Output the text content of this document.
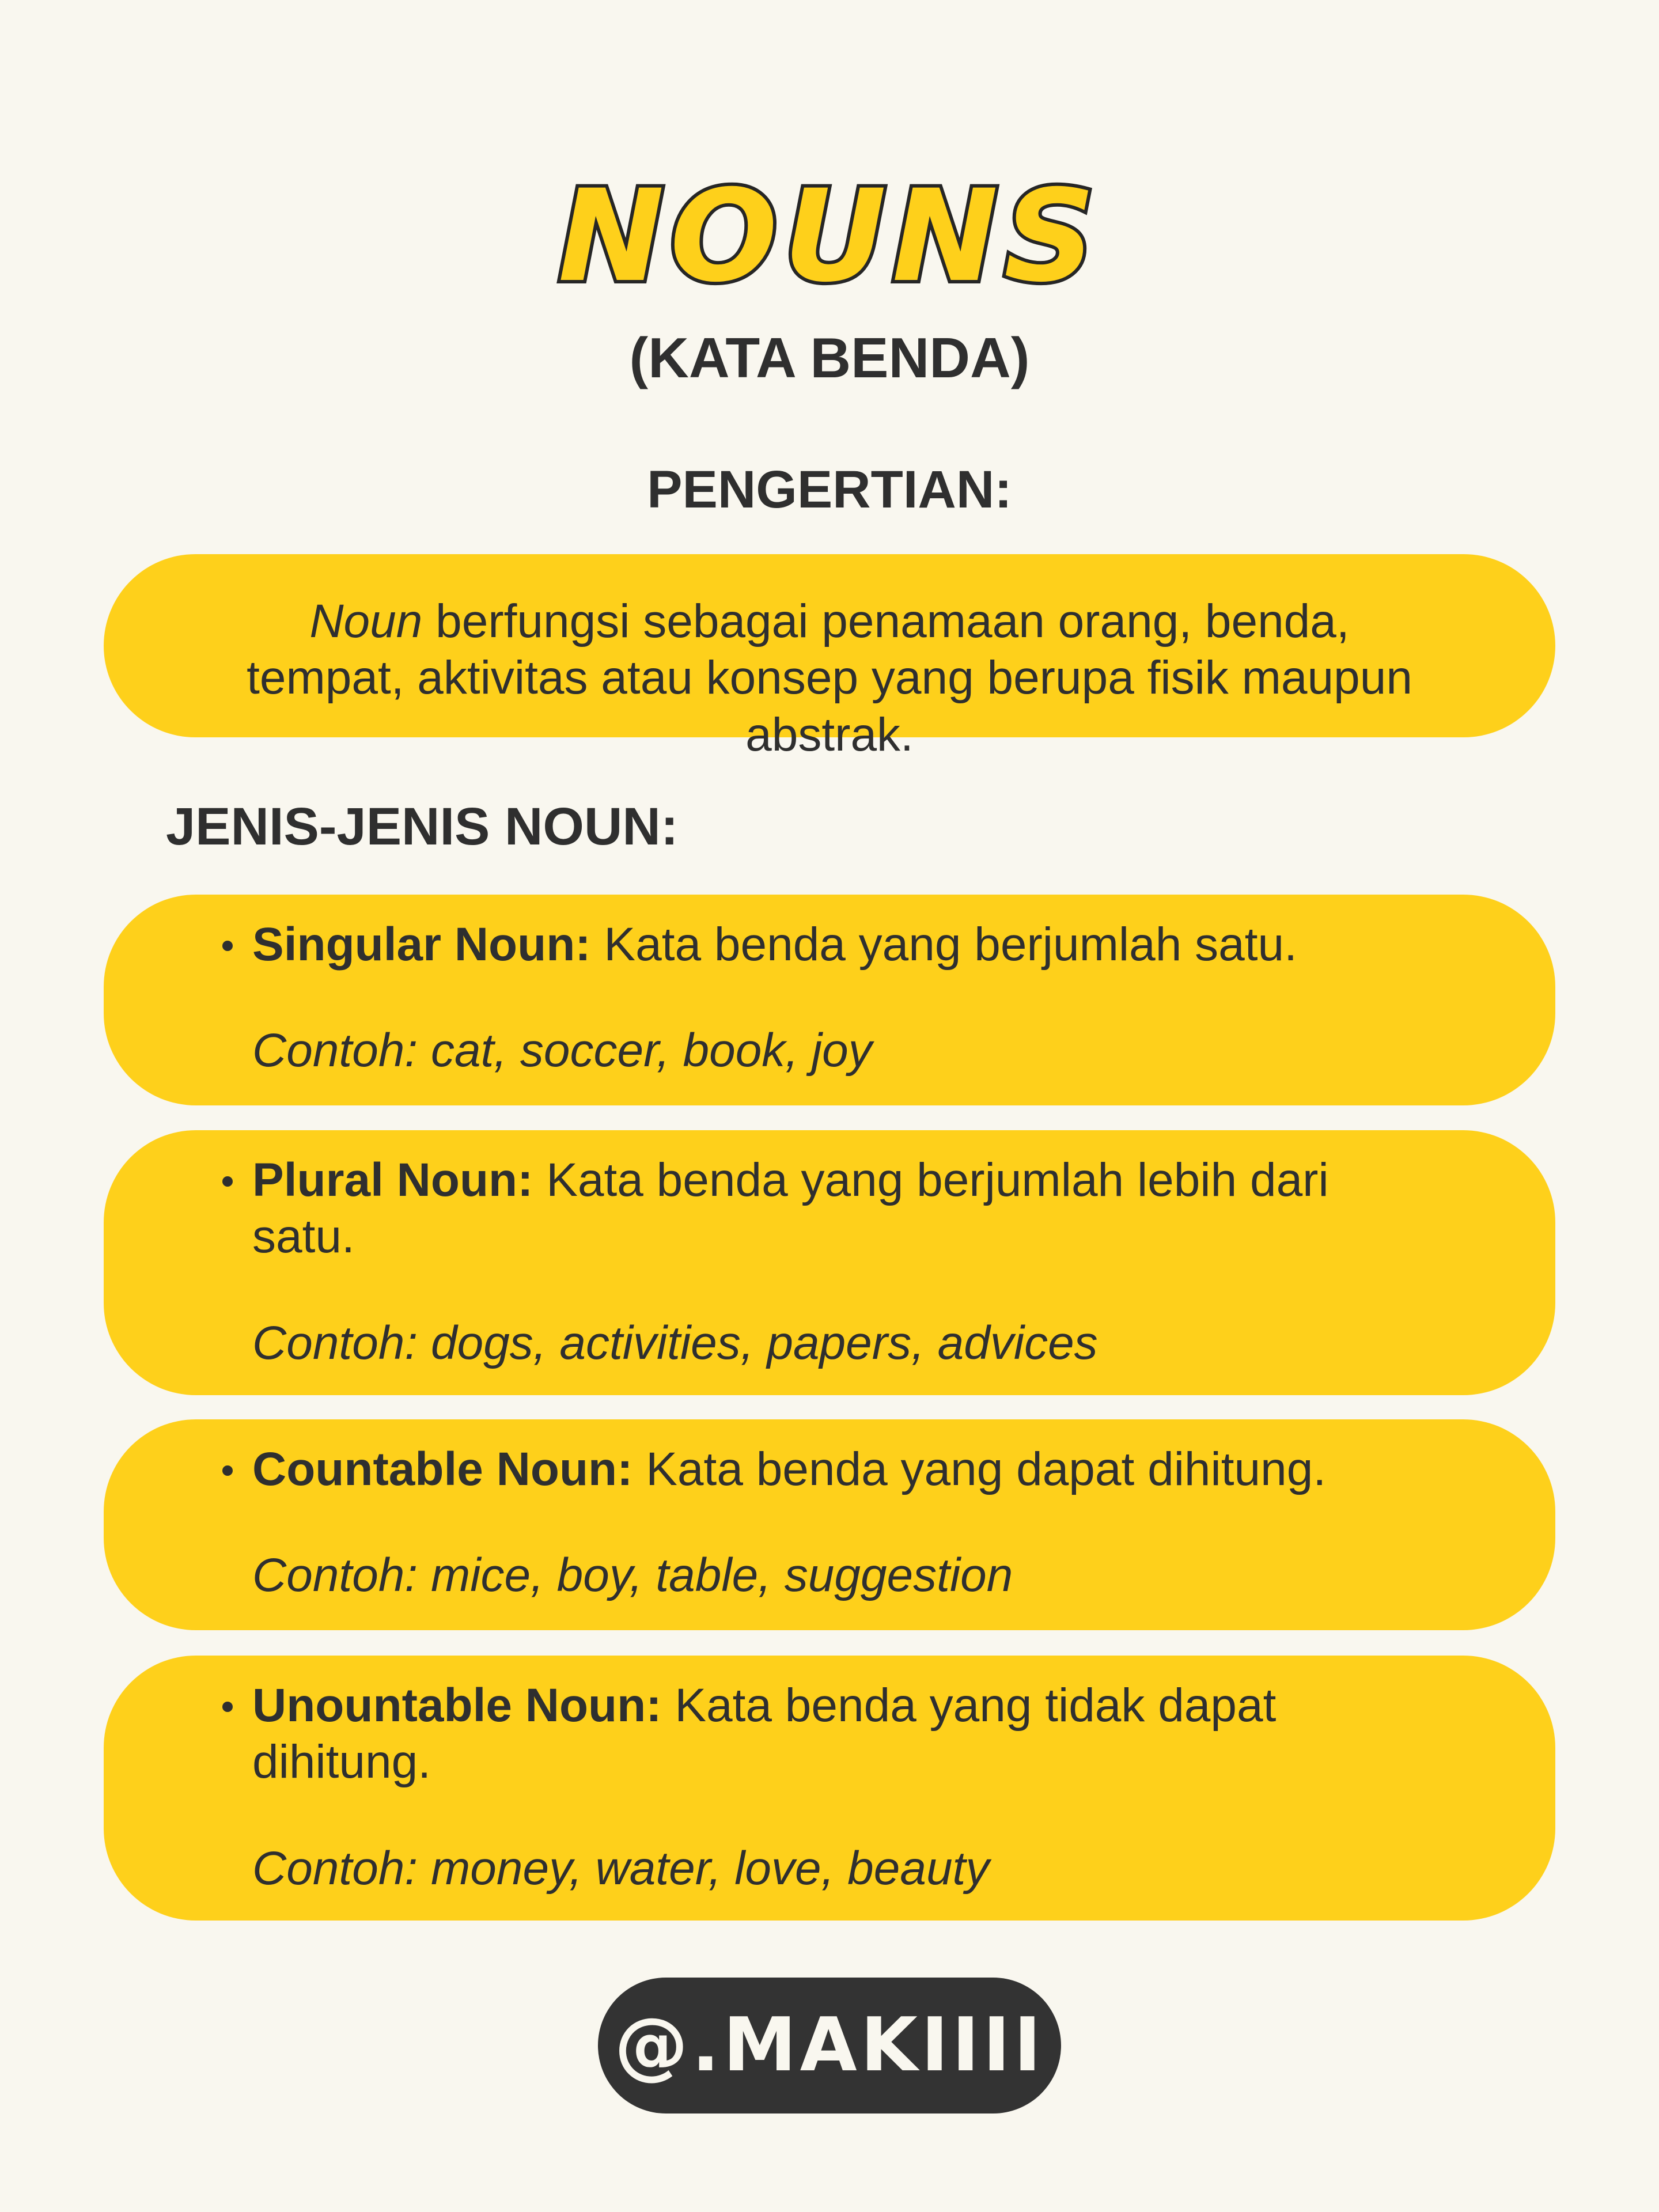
NOUNS
(KATA BENDA)
PENGERTIAN:
Noun berfungsi sebagai penamaan orang, benda, tempat, aktivitas atau konsep yang berupa fisik maupun abstrak.
JENIS-JENIS NOUN:
Singular Noun: Kata benda yang berjumlah satu.
Contoh: cat, soccer, book, joy
Plural Noun: Kata benda yang berjumlah lebih dari satu.
Contoh: dogs, activities, papers, advices
Countable Noun: Kata benda yang dapat dihitung.
Contoh: mice, boy, table, suggestion
Unountable Noun: Kata benda yang tidak dapat dihitung.
Contoh: money, water, love, beauty
@.MAKIIII
